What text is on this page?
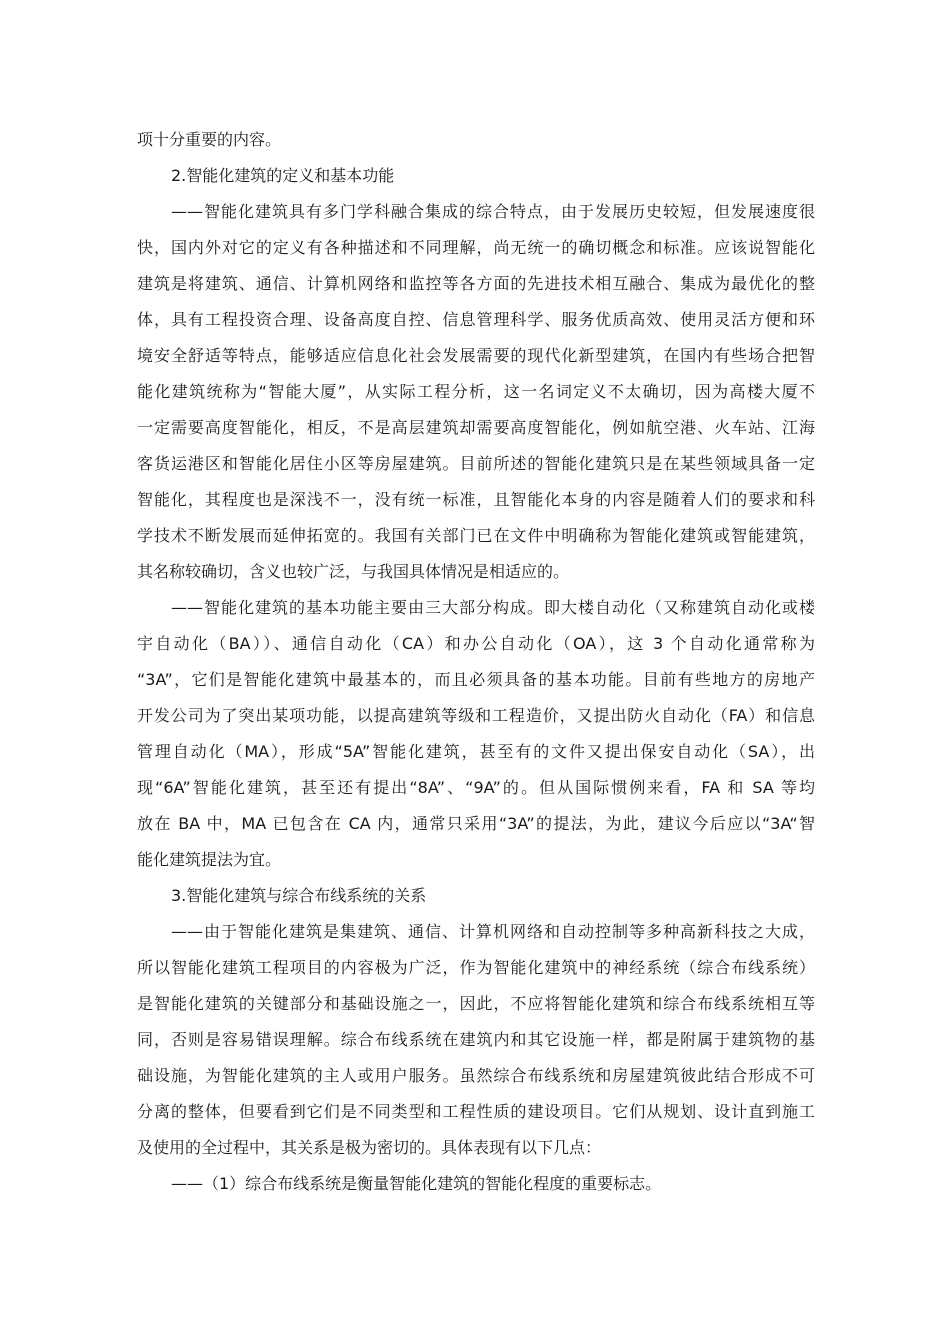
项十分重要的内容。
2.智能化建筑的定义和基本功能
——智能化建筑具有多门学科融合集成的综合特点，由于发展历史较短，但发展速度很
快，国内外对它的定义有各种描述和不同理解，尚无统一的确切概念和标准。应该说智能化
建筑是将建筑、通信、计算机网络和监控等各方面的先进技术相互融合、集成为最优化的整
体，具有工程投资合理、设备高度自控、信息管理科学、服务优质高效、使用灵活方便和环
境安全舒适等特点，能够适应信息化社会发展需要的现代化新型建筑，在国内有些场合把智
能化建筑统称为“智能大厦”，从实际工程分析，这一名词定义不太确切，因为高楼大厦不
一定需要高度智能化，相反，不是高层建筑却需要高度智能化，例如航空港、火车站、江海
客货运港区和智能化居住小区等房屋建筑。目前所述的智能化建筑只是在某些领域具备一定
智能化，其程度也是深浅不一，没有统一标准，且智能化本身的内容是随着人们的要求和科
学技术不断发展而延伸拓宽的。我国有关部门已在文件中明确称为智能化建筑或智能建筑，
其名称较确切，含义也较广泛，与我国具体情况是相适应的。
——智能化建筑的基本功能主要由三大部分构成。即大楼自动化（又称建筑自动化或楼
宇自动化（BA））、通信自动化（CA）和办公自动化（OA），这 3 个自动化通常称为
“3A”，它们是智能化建筑中最基本的，而且必须具备的基本功能。目前有些地方的房地产
开发公司为了突出某项功能，以提高建筑等级和工程造价，又提出防火自动化（FA）和信息
管理自动化（MA），形成“5A”智能化建筑，甚至有的文件又提出保安自动化（SA），出
现“6A”智能化建筑，甚至还有提出“8A”、“9A”的。但从国际惯例来看，FA 和 SA 等均
放在 BA 中，MA 已包含在 CA 内，通常只采用“3A”的提法，为此，建议今后应以“3A“智
能化建筑提法为宜。
3.智能化建筑与综合布线系统的关系
——由于智能化建筑是集建筑、通信、计算机网络和自动控制等多种高新科技之大成，
所以智能化建筑工程项目的内容极为广泛，作为智能化建筑中的神经系统（综合布线系统）
是智能化建筑的关键部分和基础设施之一，因此，不应将智能化建筑和综合布线系统相互等
同，否则是容易错误理解。综合布线系统在建筑内和其它设施一样，都是附属于建筑物的基
础设施，为智能化建筑的主人或用户服务。虽然综合布线系统和房屋建筑彼此结合形成不可
分离的整体，但要看到它们是不同类型和工程性质的建设项目。它们从规划、设计直到施工
及使用的全过程中，其关系是极为密切的。具体表现有以下几点：
——（1）综合布线系统是衡量智能化建筑的智能化程度的重要标志。
